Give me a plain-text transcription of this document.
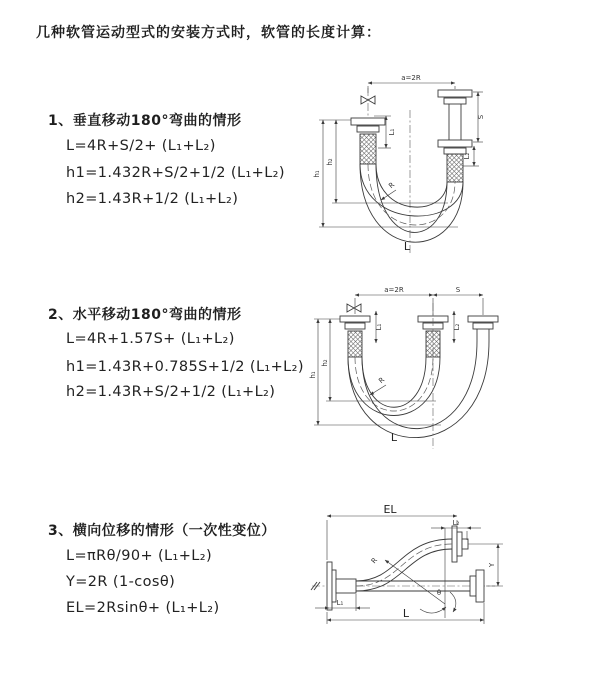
几种软管运动型式的安装方式时，软管的长度计算：
1、垂直移动180°弯曲的情形
L=4R+S/2+ (L₁+L₂)
h1=1.432R+S/2+1/2 (L₁+L₂)
h2=1.43R+1/2 (L₁+L₂)
2、水平移动180°弯曲的情形
L=4R+1.57S+ (L₁+L₂)
h1=1.43R+0.785S+1/2 (L₁+L₂)
h2=1.43R+S/2+1/2 (L₁+L₂)
3、横向位移的情形（一次性变位）
L=πRθ/90+ (L₁+L₂)
Y=2R (1-cosθ)
EL=2Rsinθ+ (L₁+L₂)
a=2R
L₁
S
L₂
h₂
h₁
R
L
a=2R	S
L₁	L₂
h₂
h₁
R
L
EL
L₂
Y
R
θ
L₁
L
